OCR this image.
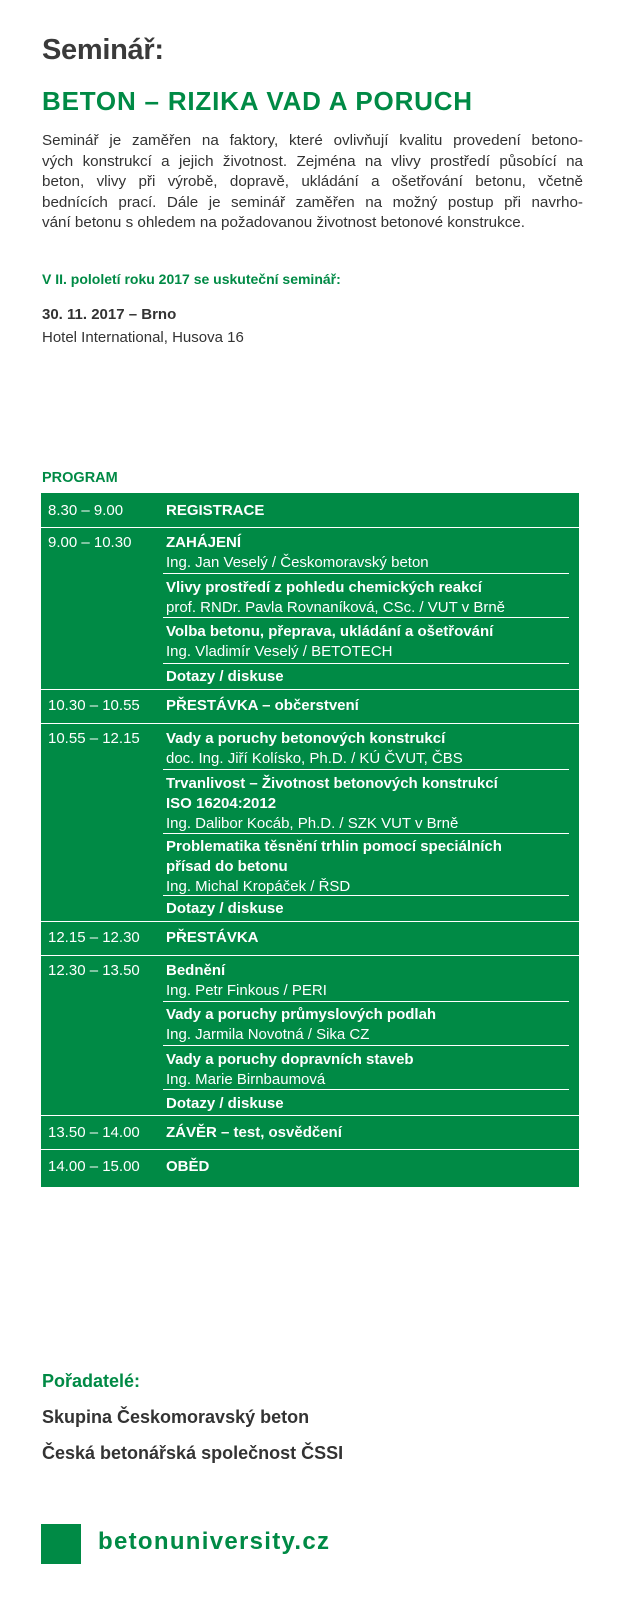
Seminář:
BETON – RIZIKA VAD A PORUCH

Seminář je zaměřen na faktory, které ovlivňují kvalitu provedení betono-
vých konstrukcí a jejich životnost. Zejména na vlivy prostředí působící na
beton, vlivy při výrobě, dopravě, ukládání a ošetřování betonu, včetně
bednících prací. Dále je seminář zaměřen na možný postup při navrho-
vání betonu s ohledem na požadovanou životnost betonové konstrukce.

V II. pololetí roku 2017 se uskuteční seminář:
30. 11. 2017 – Brno
Hotel International, Husova 16
PROGRAM
8.30 – 9.00
9.00 – 10.30
10.30 – 10.55
10.55 – 12.15
12.15 – 12.30
12.30 – 13.50
13.50 – 14.00
14.00 – 15.00
REGISTRACE
ZAHÁJENÍ
Ing. Jan Veselý / Českomoravský beton
Vlivy prostředí z pohledu chemických reakcí
prof. RNDr. Pavla Rovnaníková, CSc. / VUT v Brně
Volba betonu, přeprava, ukládání a ošetřování
Ing. Vladimír Veselý / BETOTECH
Dotazy / diskuse
PŘESTÁVKA – občerstvení
Vady a poruchy betonových konstrukcí
doc. Ing. Jiří Kolísko, Ph.D. / KÚ ČVUT, ČBS
Trvanlivost – Životnost betonových konstrukcí
ISO 16204:2012
Ing. Dalibor Kocáb, Ph.D. / SZK VUT v Brně
Problematika těsnění trhlin pomocí speciálních
přísad do betonu
Ing. Michal Kropáček / ŘSD
Dotazy / diskuse
PŘESTÁVKA
Bednění
Ing. Petr Finkous / PERI
Vady a poruchy průmyslových podlah
Ing. Jarmila Novotná / Sika CZ
Vady a poruchy dopravních staveb
Ing. Marie Birnbaumová
Dotazy / diskuse
ZÁVĚR – test, osvědčení
OBĚD
Pořadatelé:
Skupina Českomoravský beton
Česká betonářská společnost ČSSI
betonuniversity.cz
